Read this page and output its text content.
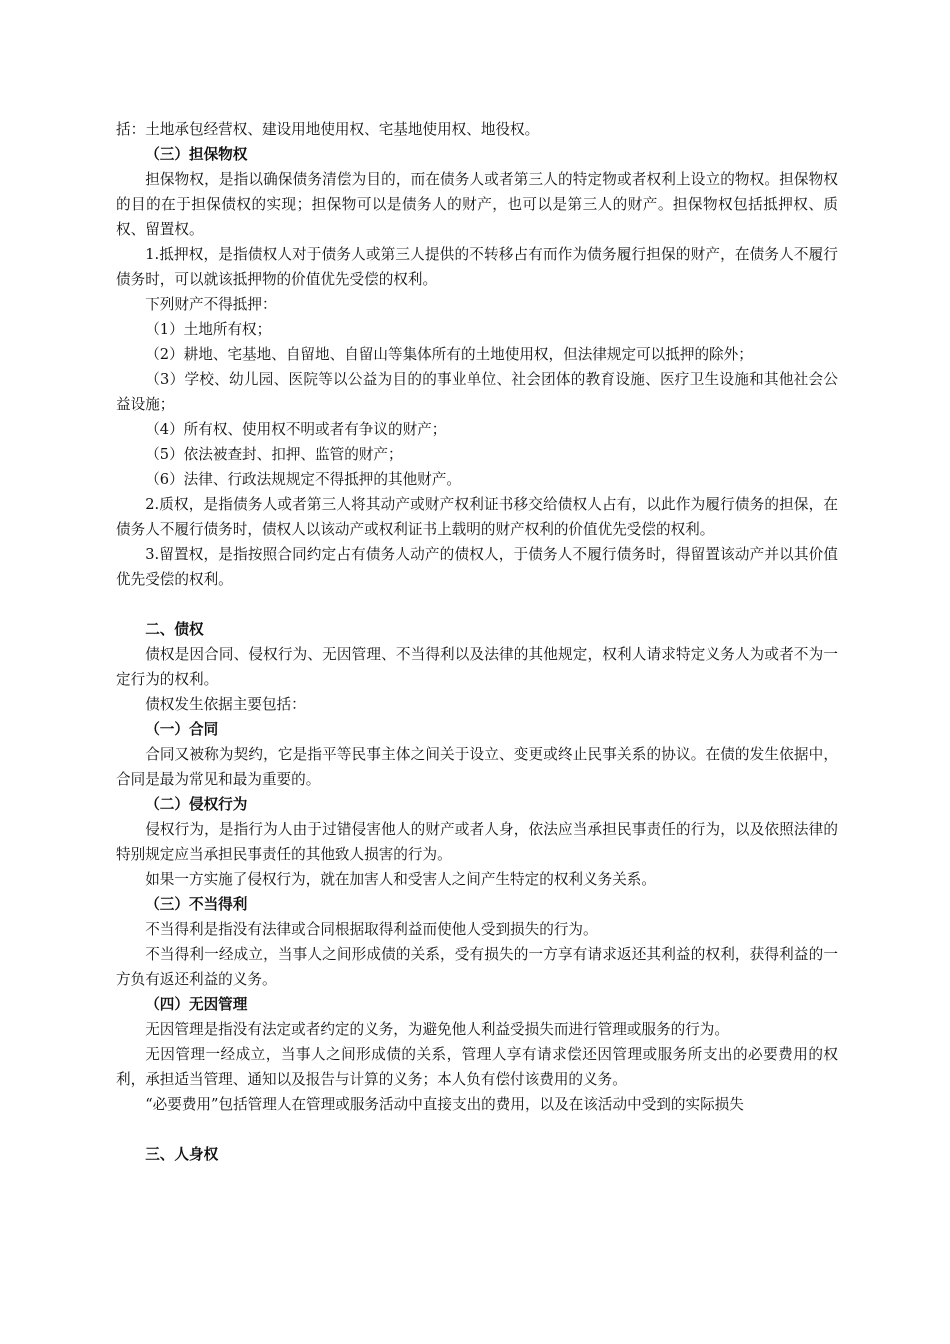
括：土地承包经营权、建设用地使用权、宅基地使用权、地役权。

（三）担保物权

担保物权，是指以确保债务清偿为目的，而在债务人或者第三人的特定物或者权利上设立的物权。担保物权的目的在于担保债权的实现；担保物可以是债务人的财产，也可以是第三人的财产。担保物权包括抵押权、质权、留置权。

1.抵押权，是指债权人对于债务人或第三人提供的不转移占有而作为债务履行担保的财产，在债务人不履行债务时，可以就该抵押物的价值优先受偿的权利。

下列财产不得抵押：

（1）土地所有权；

（2）耕地、宅基地、自留地、自留山等集体所有的土地使用权，但法律规定可以抵押的除外；

（3）学校、幼儿园、医院等以公益为目的的事业单位、社会团体的教育设施、医疗卫生设施和其他社会公益设施；

（4）所有权、使用权不明或者有争议的财产；

（5）依法被查封、扣押、监管的财产；

（6）法律、行政法规规定不得抵押的其他财产。

2.质权，是指债务人或者第三人将其动产或财产权利证书移交给债权人占有，以此作为履行债务的担保，在债务人不履行债务时，债权人以该动产或权利证书上载明的财产权利的价值优先受偿的权利。

3.留置权，是指按照合同约定占有债务人动产的债权人，于债务人不履行债务时，得留置该动产并以其价值优先受偿的权利。

二、债权

债权是因合同、侵权行为、无因管理、不当得利以及法律的其他规定，权利人请求特定义务人为或者不为一定行为的权利。

债权发生依据主要包括：

（一）合同

合同又被称为契约，它是指平等民事主体之间关于设立、变更或终止民事关系的协议。在债的发生依据中，合同是最为常见和最为重要的。

（二）侵权行为

侵权行为，是指行为人由于过错侵害他人的财产或者人身，依法应当承担民事责任的行为，以及依照法律的特别规定应当承担民事责任的其他致人损害的行为。

如果一方实施了侵权行为，就在加害人和受害人之间产生特定的权利义务关系。

（三）不当得利

不当得利是指没有法律或合同根据取得利益而使他人受到损失的行为。

不当得利一经成立，当事人之间形成债的关系，受有损失的一方享有请求返还其利益的权利，获得利益的一方负有返还利益的义务。

（四）无因管理

无因管理是指没有法定或者约定的义务，为避免他人利益受损失而进行管理或服务的行为。

无因管理一经成立，当事人之间形成债的关系，管理人享有请求偿还因管理或服务所支出的必要费用的权利，承担适当管理、通知以及报告与计算的义务；本人负有偿付该费用的义务。

“必要费用”包括管理人在管理或服务活动中直接支出的费用，以及在该活动中受到的实际损失

三、人身权
